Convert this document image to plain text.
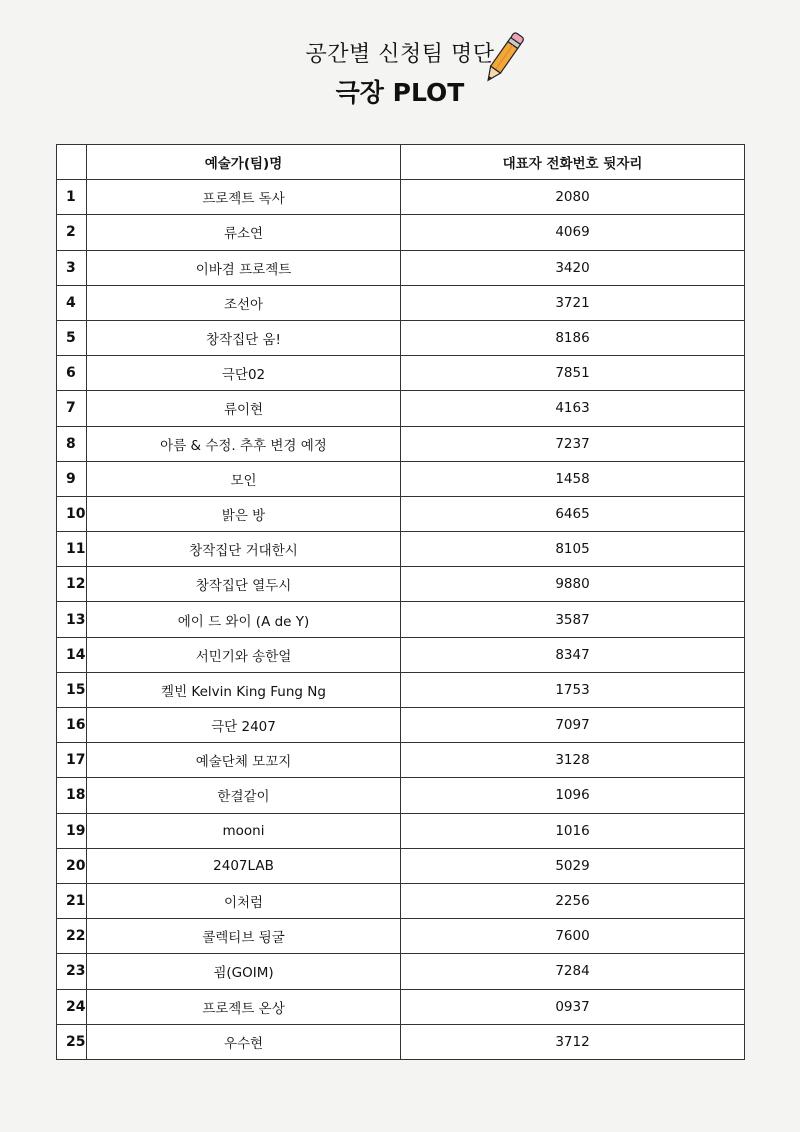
공간별 신청팀 명단
극장 PLOT
	예술가(팀)명	대표자 전화번호 뒷자리
1	프로젝트 독사	2080
2	류소연	4069
3	이바겸 프로젝트	3420
4	조선아	3721
5	창작집단 움!	8186
6	극단02	7851
7	류이현	4163
8	아름 & 수정. 추후 변경 예정	7237
9	모인	1458
10	밝은 방	6465
11	창작집단 거대한시	8105
12	창작집단 열두시	9880
13	에이 드 와이 (A de Y)	3587
14	서민기와 송한얼	8347
15	켈빈 Kelvin King Fung Ng	1753
16	극단 2407	7097
17	예술단체 모꼬지	3128
18	한결같이	1096
19	mooni	1016
20	2407LAB	5029
21	이처럼	2256
22	콜렉티브 뒹굴	7600
23	굄(GOIM)	7284
24	프로젝트 온상	0937
25	우수현	3712
